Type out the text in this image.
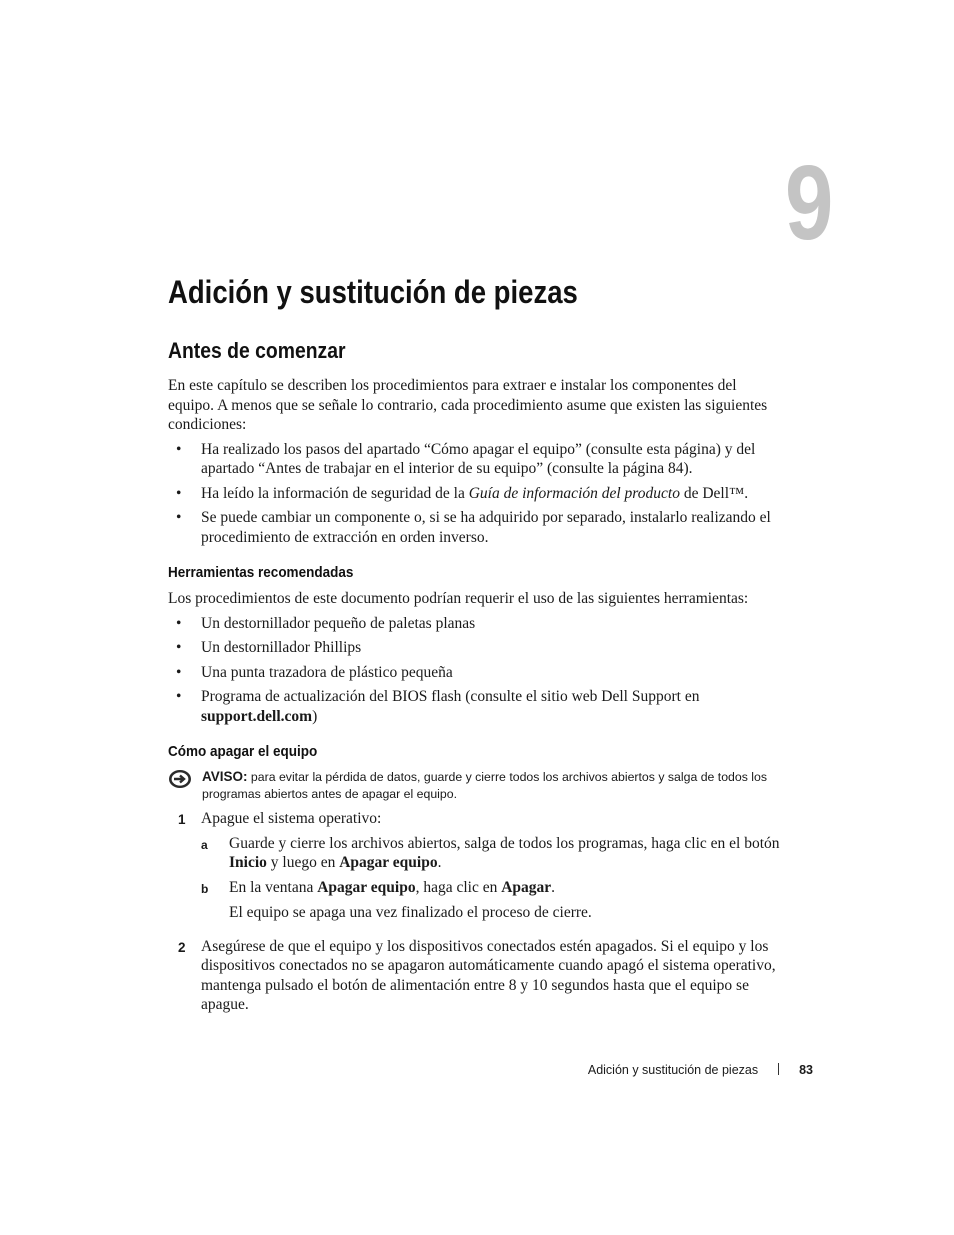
9
Adición y sustitución de piezas
Antes de comenzar

En este capítulo se describen los procedimientos para extraer e instalar los componentes del equipo. A menos que se señale lo contrario, cada procedimiento asume que existen las siguientes condiciones:

• Ha realizado los pasos del apartado “Cómo apagar el equipo” (consulte esta página) y del apartado “Antes de trabajar en el interior de su equipo” (consulte la página 84).
• Ha leído la información de seguridad de la Guía de información del producto de Dell™.
• Se puede cambiar un componente o, si se ha adquirido por separado, instalarlo realizando el procedimiento de extracción en orden inverso.
Herramientas recomendadas

Los procedimientos de este documento podrían requerir el uso de las siguientes herramientas:

• Un destornillador pequeño de paletas planas
• Un destornillador Phillips
• Una punta trazadora de plástico pequeña
• Programa de actualización del BIOS flash (consulte el sitio web Dell Support en support.dell.com)
Cómo apagar el equipo
AVISO: para evitar la pérdida de datos, guarde y cierre todos los archivos abiertos y salga de todos los programas abiertos antes de apagar el equipo.
1 Apague el sistema operativo:

a Guarde y cierre los archivos abiertos, salga de todos los programas, haga clic en el botón Inicio y luego en Apagar equipo.
b En la ventana Apagar equipo, haga clic en Apagar.

El equipo se apaga una vez finalizado el proceso de cierre.

2 Asegúrese de que el equipo y los dispositivos conectados estén apagados. Si el equipo y los dispositivos conectados no se apagaron automáticamente cuando apagó el sistema operativo, mantenga pulsado el botón de alimentación entre 8 y 10 segundos hasta que el equipo se apague.

Adición y sustitución de piezas	83
